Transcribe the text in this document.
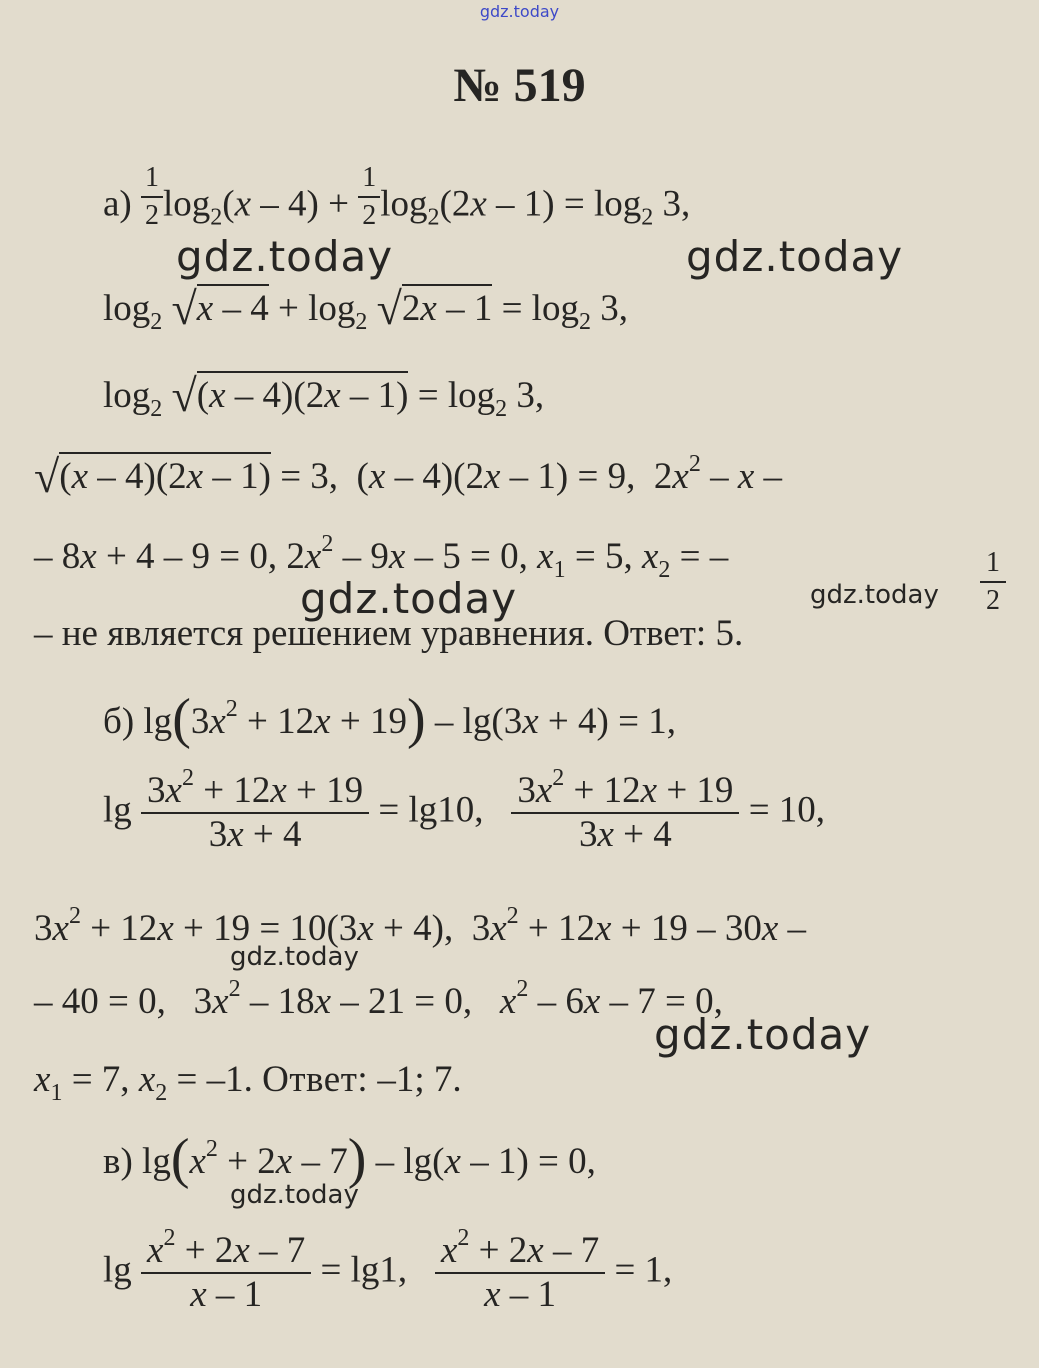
gdz.today
№ 519
$а) \frac{1}{2} \log_2(x - 4) + \frac{1}{2} \log_2(2x - 1) = \log_2 3$,
$\log_2 √x - 4 + \log_2 √2x - 1 = \log_2 3$,
$\log_2 √(x - 4)(2x - 1) = \log_2 3$,
√(x – 4)(2x – 1) = 3,  (x – 4)(2x – 1) = 9,  $2x^2$ – x –
– 8x + 4 – 9 = 0, $2x^2 - 9x - 5 = 0$, $x_1 = 5$, $x_2$ = –	$\frac{1}{2}$
– не является решением уравнения. Ответ: 5.
б) $\lg(3x^2 + 12x + 19) - \lg(3x + 4) = 1$,
$\lg \frac{3x^2 + 12x + 19}{3x + 4} = \lg 10$, $\frac{3x^2 + 12x + 19}{3x + 4} = 10$,
$3x^2 + 12x + 19 = 10(3x + 4)$,  $3x^2 + 12x + 19 - 30x$ –
– 40 = 0,   $3x^2 - 18x - 21 = 0$,   $x^2 - 6x - 7 = 0$,
$x_1 = 7$, $x_2 = -1$. Ответ: –1; 7.
в) $\lg(x^2 + 2x - 7) - \lg(x - 1) = 0$,
$\lg \frac{x^2 + 2x - 7}{x - 1} = \lg 1$, $\frac{x^2 + 2x - 7}{x - 1} = 1$,
gdz.today	gdz.today
gdz.today	gdz.today
gdz.today
gdz.today
gdz.today
